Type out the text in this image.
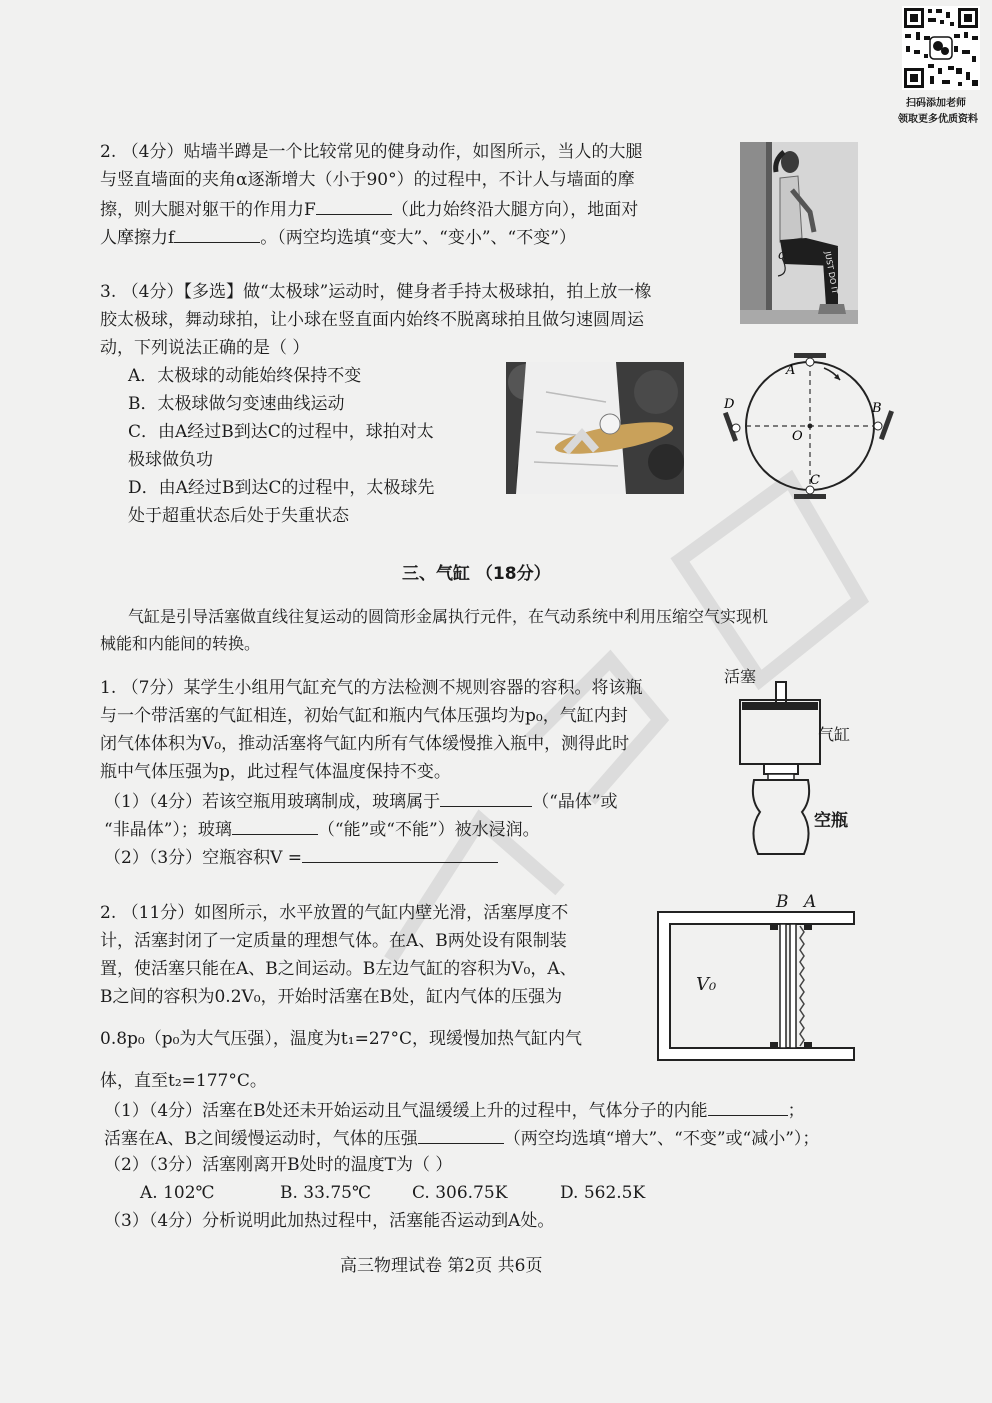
扫码添加老师
领取更多优质资料
2. （4分）贴墙半蹲是一个比较常见的健身动作，如图所示，当人的大腿
与竖直墙面的夹角α逐渐增大（小于90°）的过程中，不计人与墙面的摩
擦，则大腿对躯干的作用力F	（此力始终沿大腿方向），地面对
人摩擦力f	。（两空均选填“变大”、“变小”、“不变”）
JUST DO IT
α
3. （4分）【多选】做“太极球”运动时，健身者手持太极球拍，拍上放一橡
胶太极球，舞动球拍，让小球在竖直面内始终不脱离球拍且做匀速圆周运
动，下列说法正确的是（ ）
A．太极球的动能始终保持不变
B．太极球做匀变速曲线运动
C．由A经过B到达C的过程中，球拍对太
极球做负功
D．由A经过B到达C的过程中，太极球先
处于超重状态后处于失重状态
A
B
C
D
O
三、气缸 （18分）
气缸是引导活塞做直线往复运动的圆筒形金属执行元件，在气动系统中利用压缩空气实现机
械能和内能间的转换。
1. （7分）某学生小组用气缸充气的方法检测不规则容器的容积。将该瓶
与一个带活塞的气缸相连，初始气缸和瓶内气体压强均为p₀，气缸内封
闭气体体积为V₀，推动活塞将气缸内所有气体缓慢推入瓶中，测得此时
瓶中气体压强为p，此过程气体温度保持不变。
（1）（4分）若该空瓶用玻璃制成，玻璃属于	（“晶体”或
“非晶体”）；玻璃	（“能”或“不能”）被水浸润。
（2）（3分）空瓶容积V =
活塞
气缸
空瓶
2. （11分）如图所示，水平放置的气缸内壁光滑，活塞厚度不
计，活塞封闭了一定质量的理想气体。在A、B两处设有限制装
置，使活塞只能在A、B之间运动。B左边气缸的容积为V₀，A、
B之间的容积为0.2V₀，开始时活塞在B处，缸内气体的压强为
0.8p₀（p₀为大气压强），温度为t₁=27°C，现缓慢加热气缸内气
体，直至t₂=177°C。
（1）（4分）活塞在B处还未开始运动且气温缓缓上升的过程中，气体分子的内能	；
活塞在A、B之间缓慢运动时，气体的压强	（两空均选填“增大”、“不变”或“减小”）；
（2）（3分）活塞刚离开B处时的温度T为（ ）
A. 102℃	B. 33.75℃ C. 306.75K	D. 562.5K
（3）（4分）分析说明此加热过程中，活塞能否运动到A处。
B A
V₀
高三物理试卷 第2页 共6页
